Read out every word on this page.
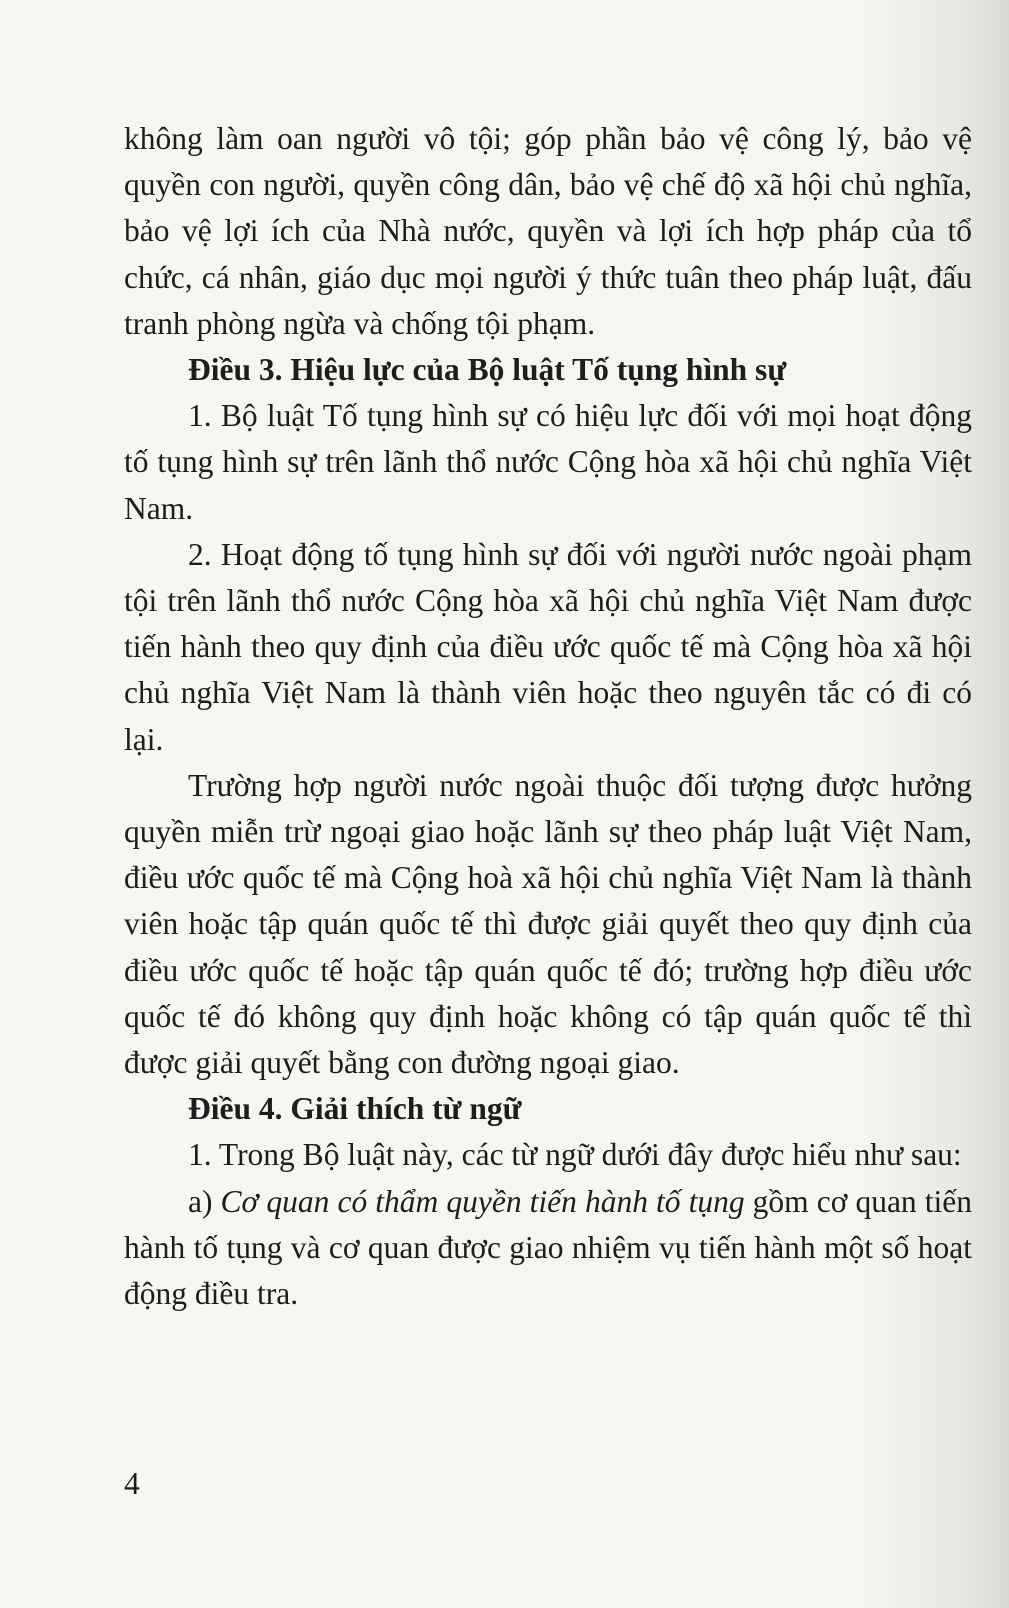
không làm oan người vô tội; góp phần bảo vệ công lý, bảo vệ quyền con người, quyền công dân, bảo vệ chế độ xã hội chủ nghĩa, bảo vệ lợi ích của Nhà nước, quyền và lợi ích hợp pháp của tổ chức, cá nhân, giáo dục mọi người ý thức tuân theo pháp luật, đấu tranh phòng ngừa và chống tội phạm.

Điều 3. Hiệu lực của Bộ luật Tố tụng hình sự

1. Bộ luật Tố tụng hình sự có hiệu lực đối với mọi hoạt động tố tụng hình sự trên lãnh thổ nước Cộng hòa xã hội chủ nghĩa Việt Nam.

2. Hoạt động tố tụng hình sự đối với người nước ngoài phạm tội trên lãnh thổ nước Cộng hòa xã hội chủ nghĩa Việt Nam được tiến hành theo quy định của điều ước quốc tế mà Cộng hòa xã hội chủ nghĩa Việt Nam là thành viên hoặc theo nguyên tắc có đi có lại.

Trường hợp người nước ngoài thuộc đối tượng được hưởng quyền miễn trừ ngoại giao hoặc lãnh sự theo pháp luật Việt Nam, điều ước quốc tế mà Cộng hoà xã hội chủ nghĩa Việt Nam là thành viên hoặc tập quán quốc tế thì được giải quyết theo quy định của điều ước quốc tế hoặc tập quán quốc tế đó; trường hợp điều ước quốc tế đó không quy định hoặc không có tập quán quốc tế thì được giải quyết bằng con đường ngoại giao.

Điều 4. Giải thích từ ngữ

1. Trong Bộ luật này, các từ ngữ dưới đây được hiểu như sau:

a) Cơ quan có thẩm quyền tiến hành tố tụng gồm cơ quan tiến hành tố tụng và cơ quan được giao nhiệm vụ tiến hành một số hoạt động điều tra.

4
